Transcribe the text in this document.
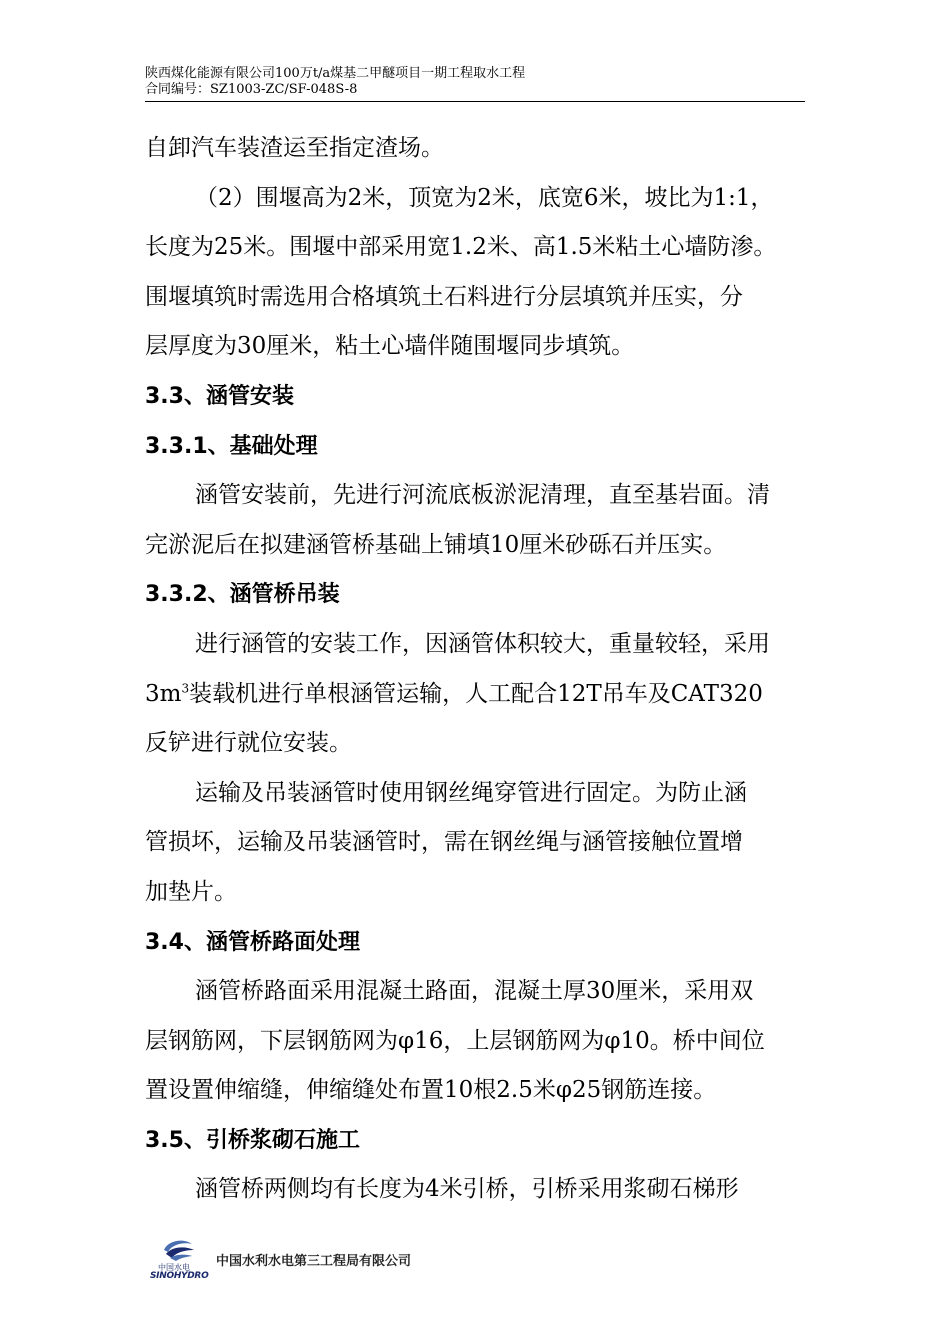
陕西煤化能源有限公司100万t/a煤基二甲醚项目一期工程取水工程
合同编号：SZ1003-ZC/SF-048S-8
自卸汽车装渣运至指定渣场。
（2）围堰高为2米，顶宽为2米，底宽6米，坡比为1:1，
长度为25米。围堰中部采用宽1.2米、高1.5米粘土心墙防渗。
围堰填筑时需选用合格填筑土石料进行分层填筑并压实，分
层厚度为30厘米，粘土心墙伴随围堰同步填筑。
3.3、涵管安装
3.3.1、基础处理
涵管安装前，先进行河流底板淤泥清理，直至基岩面。清
完淤泥后在拟建涵管桥基础上铺填10厘米砂砾石并压实。
3.3.2、涵管桥吊装
进行涵管的安装工作，因涵管体积较大，重量较轻，采用
$3m^3$装载机进行单根涵管运输，人工配合12T吊车及CAT320
反铲进行就位安装。
运输及吊装涵管时使用钢丝绳穿管进行固定。为防止涵
管损坏，运输及吊装涵管时，需在钢丝绳与涵管接触位置增
加垫片。
3.4、涵管桥路面处理
涵管桥路面采用混凝土路面，混凝土厚30厘米，采用双
层钢筋网，下层钢筋网为φ16，上层钢筋网为φ10。桥中间位
置设置伸缩缝，伸缩缝处布置10根2.5米φ25钢筋连接。
3.5、引桥浆砌石施工
涵管桥两侧均有长度为4米引桥，引桥采用浆砌石梯形
中国水电
SINOHYDRO
中国水利水电第三工程局有限公司
